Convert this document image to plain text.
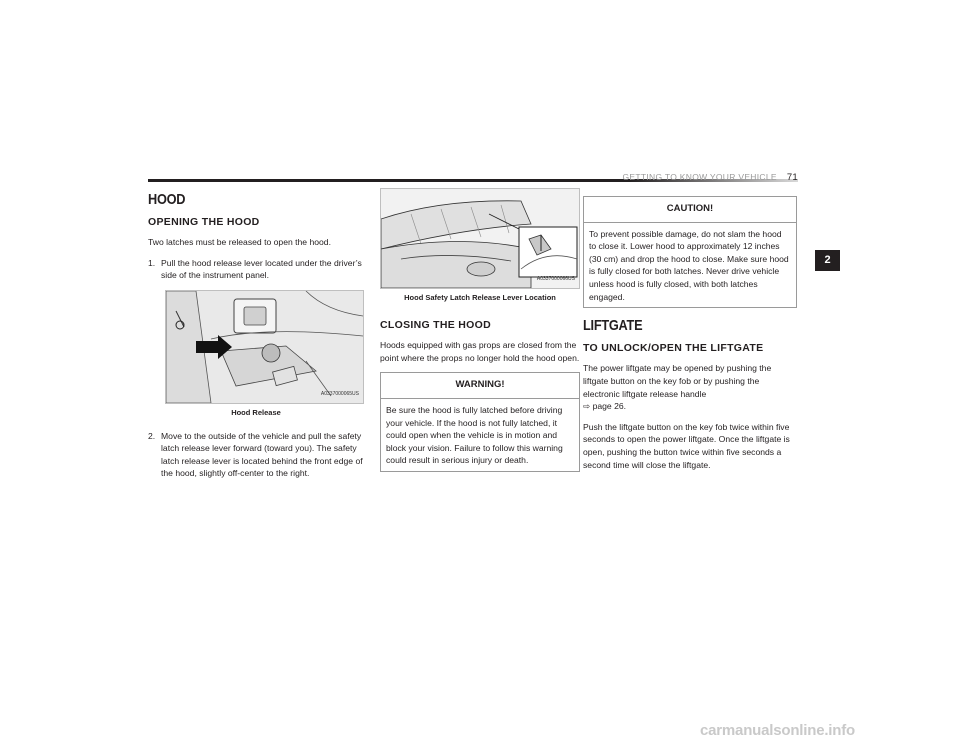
GETTING TO KNOW YOUR VEHICLE 71
2
HOOD
OPENING THE HOOD

Two latches must be released to open the hood.

1. Pull the hood release lever located under the driver’s side of the instrument panel.
A0337000065US
Hood Release
2. Move to the outside of the vehicle and pull the safety latch release lever forward (toward you). The safety latch release lever is located behind the front edge of the hood, slightly off-center to the right.
A0337000066US
Hood Safety Latch Release Lever Location
CLOSING THE HOOD

Hoods equipped with gas props are closed from the point where the props no longer hold the hood open.

WARNING!
Be sure the hood is fully latched before driving your vehicle. If the hood is not fully latched, it could open when the vehicle is in motion and block your vision. Failure to follow this warning could result in serious injury or death.
CAUTION!
To prevent possible damage, do not slam the hood to close it. Lower hood to approximately 12 inches (30 cm) and drop the hood to close. Make sure hood is fully closed for both latches. Never drive vehicle unless hood is fully closed, with both latches engaged.
LIFTGATE
TO UNLOCK/OPEN THE LIFTGATE

The power liftgate may be opened by pushing the liftgate button on the key fob or by pushing the electronic liftgate release handle
⇨ page 26.

Push the liftgate button on the key fob twice within five seconds to open the power liftgate. Once the liftgate is open, pushing the button twice within five seconds a second time will close the liftgate.

carmanualsonline.info
